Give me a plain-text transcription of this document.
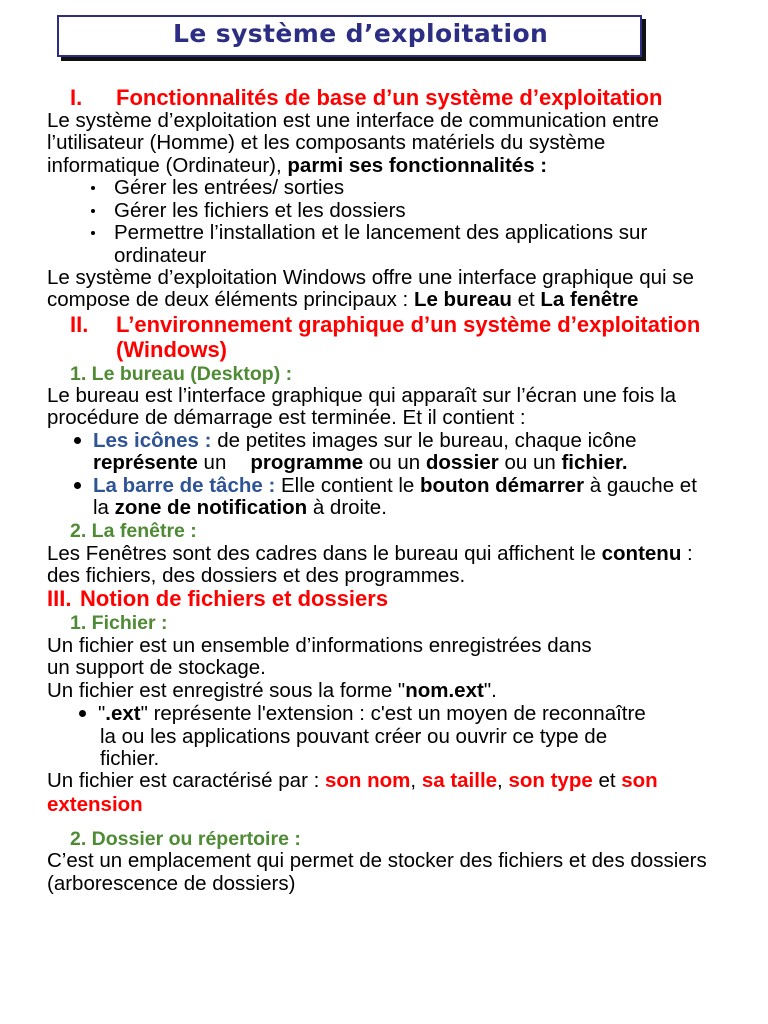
Le système d’exploitation
I. Fonctionnalités de base d’un système d’exploitation
Le système d’exploitation est une interface de communication entre
l’utilisateur (Homme) et les composants matériels du système
informatique (Ordinateur), parmi ses fonctionnalités :
Gérer les entrées/ sorties
Gérer les fichiers et les dossiers
Permettre l’installation et le lancement des applications sur
ordinateur
Le système d’exploitation Windows offre une interface graphique qui se
compose de deux éléments principaux : Le bureau et La fenêtre
II. L’environnement graphique d’un système d’exploitation
(Windows)
1. Le bureau (Desktop) :
Le bureau est l’interface graphique qui apparaît sur l’écran une fois la
procédure de démarrage est terminée. Et il contient :
Les icônes : de petites images sur le bureau, chaque icône
représente un programme ou un dossier ou un fichier.
La barre de tâche : Elle contient le bouton démarrer à gauche et
la zone de notification à droite.
2. La fenêtre :
Les Fenêtres sont des cadres dans le bureau qui affichent le contenu :
des fichiers, des dossiers et des programmes.
III. Notion de fichiers et dossiers
1. Fichier :
Un fichier est un ensemble d’informations enregistrées dans
un support de stockage.
Un fichier est enregistré sous la forme "nom.ext".
".ext" représente l'extension : c'est un moyen de reconnaître
la ou les applications pouvant créer ou ouvrir ce type de
fichier.
Un fichier est caractérisé par : son nom, sa taille, son type et son
extension
2. Dossier ou répertoire :
C’est un emplacement qui permet de stocker des fichiers et des dossiers
(arborescence de dossiers)
